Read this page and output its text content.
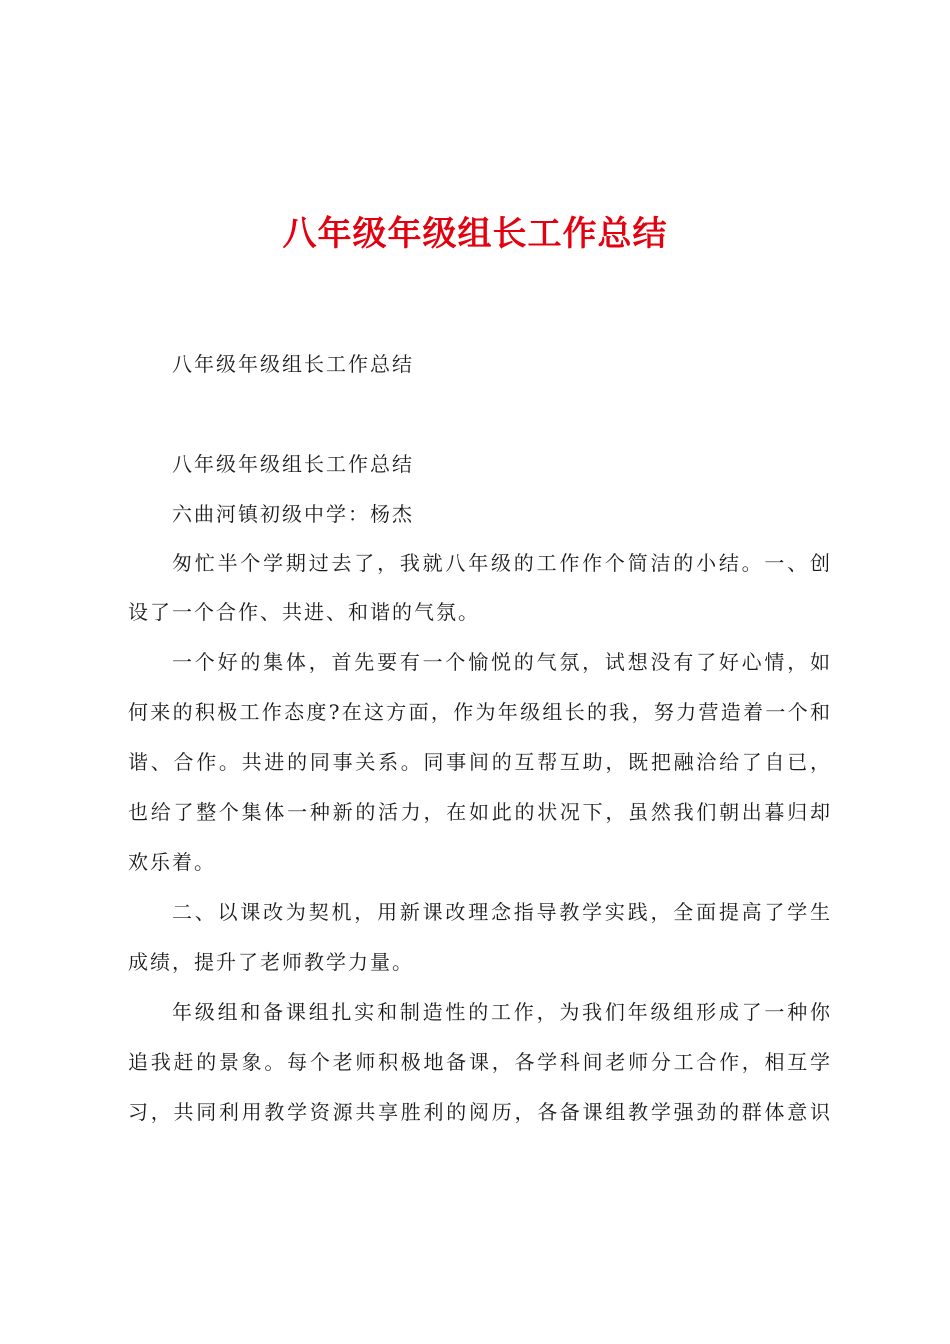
八年级年级组长工作总结
八年级年级组长工作总结
八年级年级组长工作总结
六曲河镇初级中学：杨杰
匆忙半个学期过去了，我就八年级的工作作个简洁的小结。一、创
设了一个合作、共进、和谐的气氛。
一个好的集体，首先要有一个愉悦的气氛，试想没有了好心情，如
何来的积极工作态度?在这方面，作为年级组长的我，努力营造着一个和
谐、合作。共进的同事关系。同事间的互帮互助，既把融洽给了自已，
也给了整个集体一种新的活力，在如此的状况下，虽然我们朝出暮归却
欢乐着。
二、以课改为契机，用新课改理念指导教学实践，全面提高了学生
成绩，提升了老师教学力量。
年级组和备课组扎实和制造性的工作，为我们年级组形成了一种你
追我赶的景象。每个老师积极地备课，各学科间老师分工合作，相互学
习，共同利用教学资源共享胜利的阅历，各备课组教学强劲的群体意识
